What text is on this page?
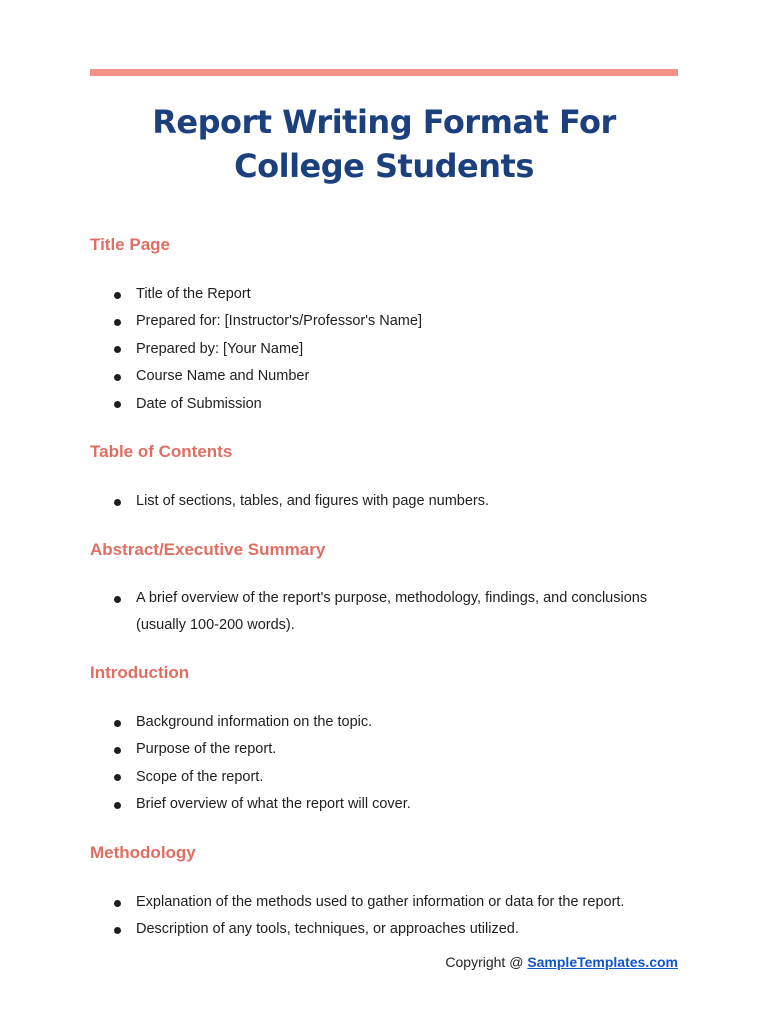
Report Writing Format For College Students
Title Page
Title of the Report
Prepared for: [Instructor's/Professor's Name]
Prepared by: [Your Name]
Course Name and Number
Date of Submission
Table of Contents
List of sections, tables, and figures with page numbers.
Abstract/Executive Summary
A brief overview of the report's purpose, methodology, findings, and conclusions (usually 100-200 words).
Introduction
Background information on the topic.
Purpose of the report.
Scope of the report.
Brief overview of what the report will cover.
Methodology
Explanation of the methods used to gather information or data for the report.
Description of any tools, techniques, or approaches utilized.
Copyright @ SampleTemplates.com
